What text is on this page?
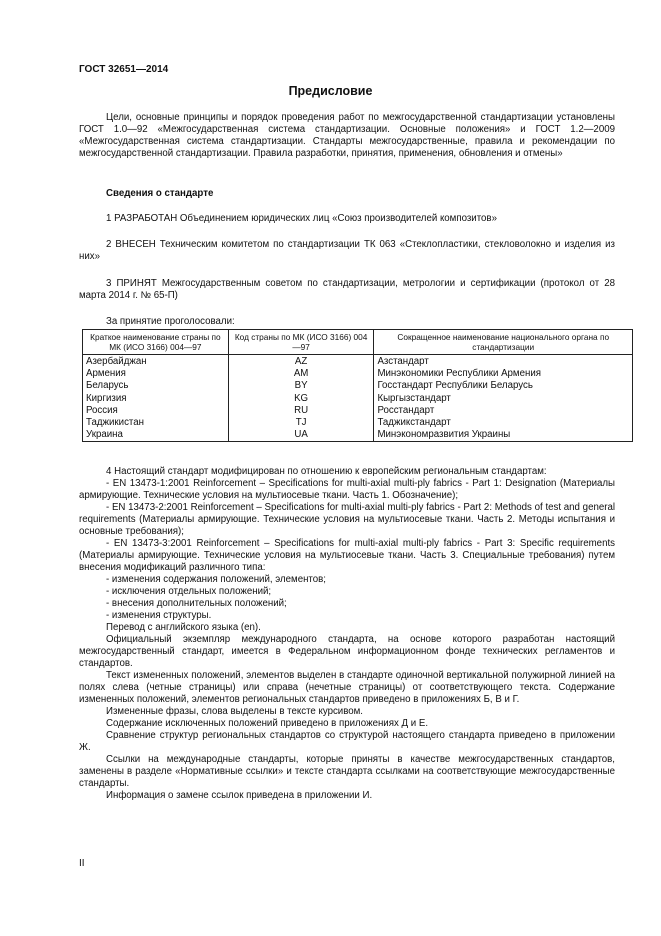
ГОСТ 32651—2014
Предисловие

Цели, основные принципы и порядок проведения работ по межгосударственной стандартизации установлены ГОСТ 1.0—92 «Межгосударственная система стандартизации. Основные положения» и ГОСТ 1.2—2009 «Межгосударственная система стандартизации. Стандарты межгосударственные, правила и рекомендации по межгосударственной стандартизации. Правила разработки, принятия, применения, обновления и отмены»

Сведения о стандарте

1 РАЗРАБОТАН Объединением юридических лиц «Союз производителей композитов»

2 ВНЕСЕН Техническим комитетом по стандартизации ТК 063 «Стеклопластики, стекловолокно и изделия из них»

3 ПРИНЯТ Межгосударственным советом по стандартизации, метрологии и сертификации (протокол от 28 марта 2014 г. № 65-П)

За принятие проголосовали:

Краткое наименование страны по МК (ИСО 3166) 004—97	Код страны по МК (ИСО 3166) 004—97	Сокращенное наименование национального органа по стандартизации
Азербайджан	AZ	Азстандарт
Армения	AM	Минэкономики Республики Армения
Беларусь	BY	Госстандарт Республики Беларусь
Киргизия	KG	Кыргызстандарт
Россия	RU	Росстандарт
Таджикистан	TJ	Таджикстандарт
Украина	UA	Минэкономразвития Украины

4 Настоящий стандарт модифицирован по отношению к европейским региональным стандартам:

- EN 13473-1:2001 Reinforcement – Specifications for multi-axial multi-ply fabrics - Part 1: Designation (Материалы армирующие. Технические условия на мультиосевые ткани. Часть 1. Обозначение);

- EN 13473-2:2001 Reinforcement – Specifications for multi-axial multi-ply fabrics - Part 2: Methods of test and general requirements (Материалы армирующие. Технические условия на мультиосевые ткани. Часть 2. Методы испытания и основные требования);

- EN 13473-3:2001 Reinforcement – Specifications for multi-axial multi-ply fabrics - Part 3: Specific requirements (Материалы армирующие. Технические условия на мультиосевые ткани. Часть 3. Специальные требования) путем внесения модификаций различного типа:

- изменения содержания положений, элементов;

- исключения отдельных положений;

- внесения дополнительных положений;

- изменения структуры.

Перевод с английского языка (en).

Официальный экземпляр международного стандарта, на основе которого разработан настоящий межгосударственный стандарт, имеется в Федеральном информационном фонде технических регламентов и стандартов.

Текст измененных положений, элементов выделен в стандарте одиночной вертикальной полужирной линией на полях слева (четные страницы) или справа (нечетные страницы) от соответствующего текста. Содержание измененных положений, элементов региональных стандартов приведено в приложениях Б, В и Г.

Измененные фразы, слова выделены в тексте курсивом.

Содержание исключенных положений приведено в приложениях Д и Е.

Сравнение структур региональных стандартов со структурой настоящего стандарта приведено в приложении Ж.

Ссылки на международные стандарты, которые приняты в качестве межгосударственных стандартов, заменены в разделе «Нормативные ссылки» и тексте стандарта ссылками на соответствующие межгосударственные стандарты.

Информация о замене ссылок приведена в приложении И.

II
